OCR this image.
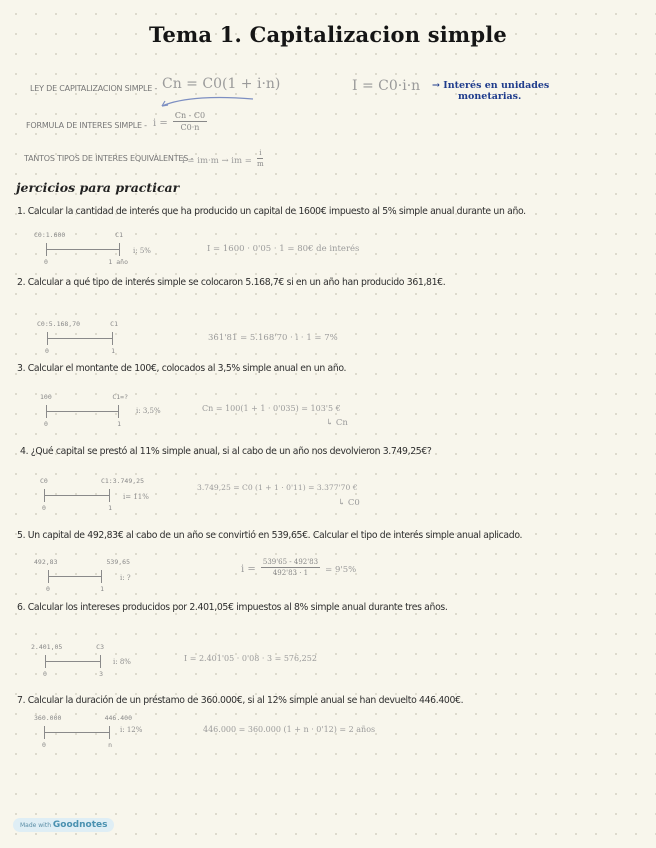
Tema 1. Capitalizacion simple
LEY DE CAPITALIZACION SIMPLE - Cn = C0(1 + i·n)	I = C0·i·n → Interés en unidades
monetarias.
FORMULA DE INTERES SIMPLE - $i = \frac{Cn - C0}{C0\cdot n}$
TANTOS TIPOS DE INTERES EQUIVALENTES -
i = im·m → im = $\frac{i}{m}$
jercicios para practicar
1. Calcular la cantidad de interés que ha producido un capital de 1600€ impuesto al 5% simple anual durante un año.
C0:1.600	C1
0	1 año
i: 5%	I = 1600 · 0'05 · 1 = 80€ de interés
2. Calcular a qué tipo de interés simple se colocaron 5.168,7€ si en un año han producido 361,81€.
C0:5.168,70	C1
0	1
361'81 = 5.168'70 · i · 1 = 7%
3. Calcular el montante de 100€, colocados al 3,5% simple anual en un año.
100	C1=?
0	1
i: 3,5%	Cn = 100(1 + 1 · 0'035) = 103'5 €
↳ Cn
4. ¿Qué capital se prestó al 11% simple anual, si al cabo de un año nos devolvieron 3.749,25€?
C0	C1:3.749,25
0	1
i= 11%
3.749,25 = C0 (1 + 1 · 0'11) = 3.377'70 €
↳ C0
5. Un capital de 492,83€ al cabo de un año se convirtió en 539,65€. Calcular el tipo de interés simple anual aplicado.
492,83	539,65
0	1
i: ?
$i = \frac{539'65 - 492'83}{492'83 \cdot 1} = 9'5\%$
6. Calcular los intereses producidos por 2.401,05€ impuestos al 8% simple anual durante tres años.
2.401,05	C3
0	3
i: 8%	I = 2.401'05 · 0'08 · 3 = 576,252
7. Calcular la duración de un préstamo de 360.000€, si al 12% simple anual se han devuelto 446.400€.
360.000	446.400
0	n
i: 12%	446.000 = 360.000 (1 + n · 0'12) = 2 años
Made with Goodnotes
